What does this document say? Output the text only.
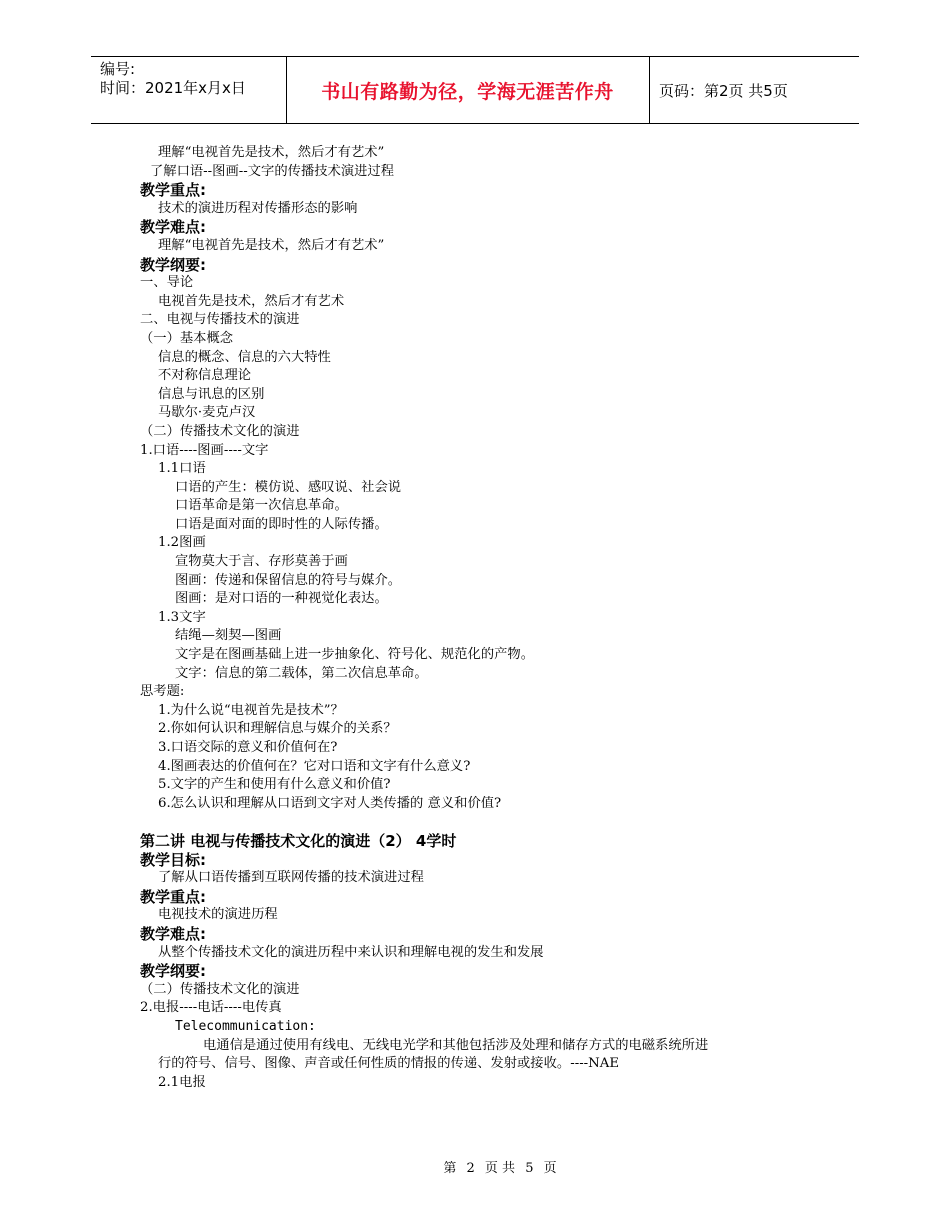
编号:
时间：2021年x月x日	书山有路勤为径，学海无涯苦作舟	页码：第2页 共5页
理解“电视首先是技术，然后才有艺术”
了解口语--图画--文字的传播技术演进过程
教学重点:
技术的演进历程对传播形态的影响
教学难点:
理解“电视首先是技术，然后才有艺术”
教学纲要:
一、导论
电视首先是技术，然后才有艺术
二、电视与传播技术的演进
（一）基本概念
信息的概念、信息的六大特性
不对称信息理论
信息与讯息的区别
马歇尔·麦克卢汉
（二）传播技术文化的演进
1.口语----图画----文字
1.1口语
口语的产生：模仿说、感叹说、社会说
口语革命是第一次信息革命。
口语是面对面的即时性的人际传播。
1.2图画
宣物莫大于言、存形莫善于画
图画：传递和保留信息的符号与媒介。
图画：是对口语的一种视觉化表达。
1.3文字
结绳—刻契—图画
文字是在图画基础上进一步抽象化、符号化、规范化的产物。
文字：信息的第二载体，第二次信息革命。
思考题:
1.为什么说“电视首先是技术”？
2.你如何认识和理解信息与媒介的关系？
3.口语交际的意义和价值何在?
4.图画表达的价值何在？它对口语和文字有什么意义?
5.文字的产生和使用有什么意义和价值?
6.怎么认识和理解从口语到文字对人类传播的 意义和价值?
第二讲 电视与传播技术文化的演进（2） 4学时
教学目标:
了解从口语传播到互联网传播的技术演进过程
教学重点:
电视技术的演进历程
教学难点:
从整个传播技术文化的演进历程中来认识和理解电视的发生和发展
教学纲要:
（二）传播技术文化的演进
2.电报----电话----电传真
Telecommunication:
电通信是通过使用有线电、无线电光学和其他包括涉及处理和储存方式的电磁系统所进
行的符号、信号、图像、声音或任何性质的情报的传递、发射或接收。----NAE
2.1电报
第 2 页 共 5 页
